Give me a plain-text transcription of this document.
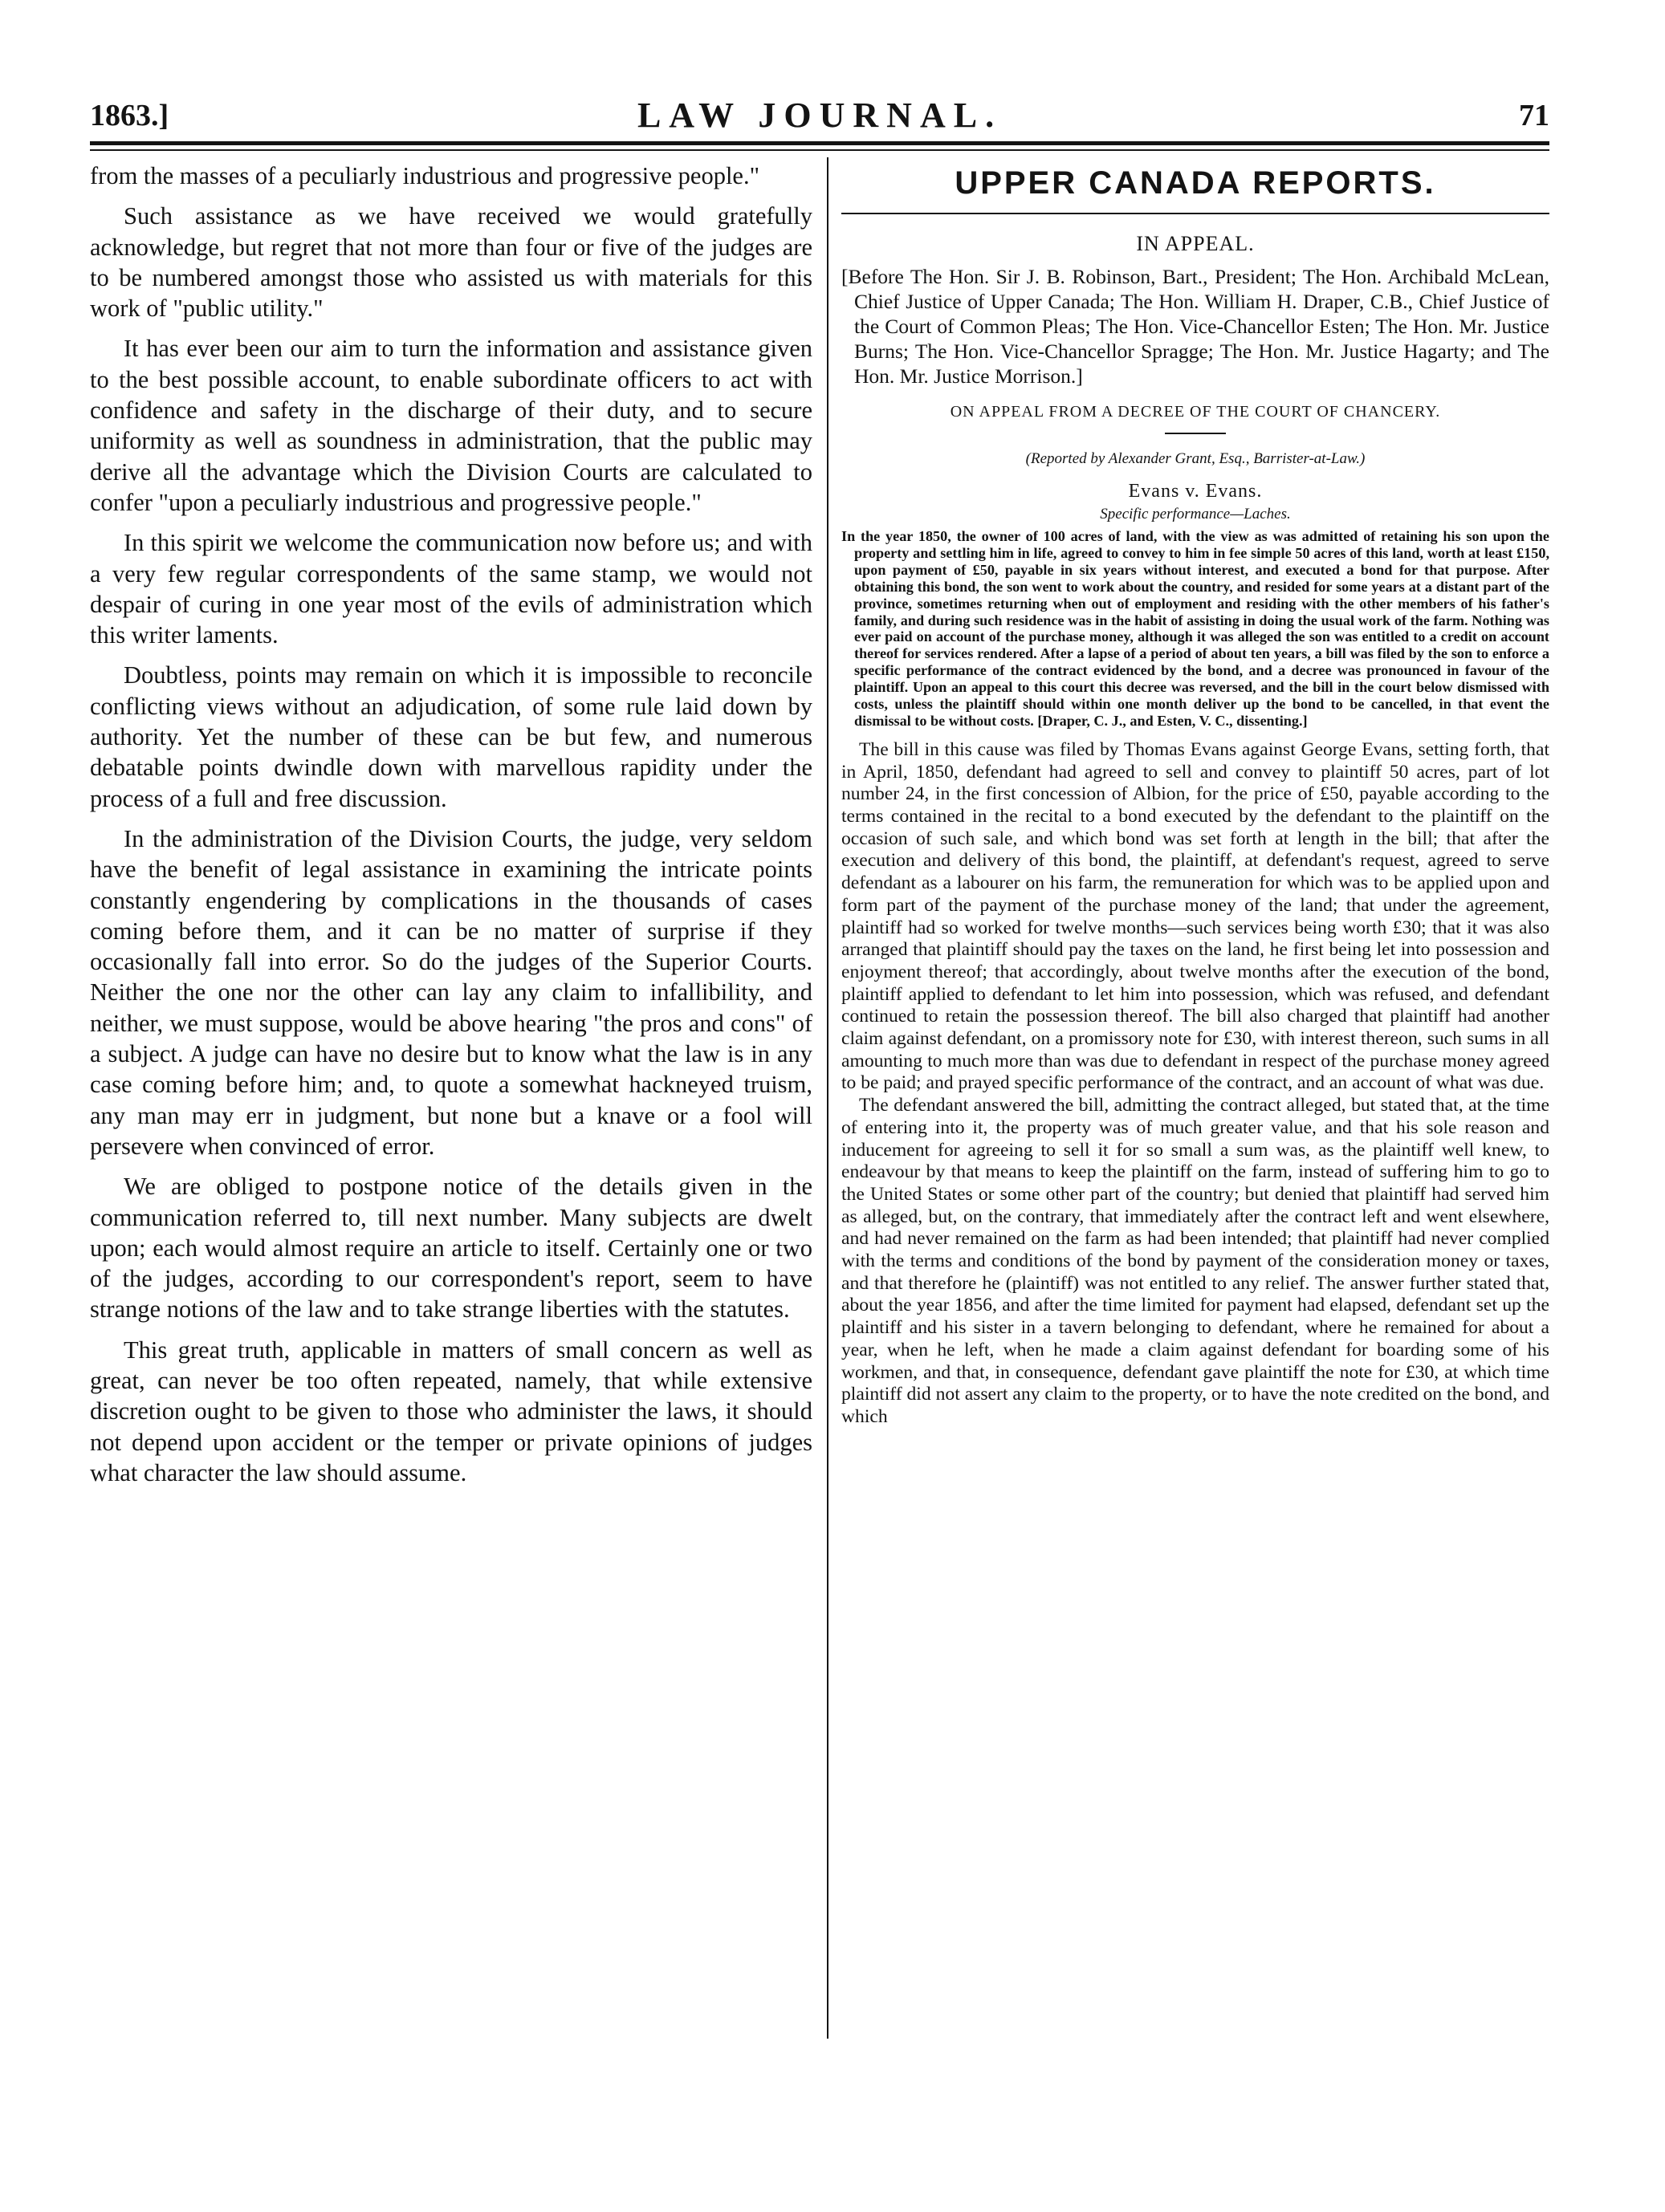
1863.]	LAW JOURNAL.	71

from the masses of a peculiarly industrious and progressive people."

Such assistance as we have received we would gratefully acknowledge, but regret that not more than four or five of the judges are to be numbered amongst those who assisted us with materials for this work of "public utility."

It has ever been our aim to turn the information and assistance given to the best possible account, to enable subordinate officers to act with confidence and safety in the discharge of their duty, and to secure uniformity as well as soundness in administration, that the public may derive all the advantage which the Division Courts are calculated to confer "upon a peculiarly industrious and progressive people."

In this spirit we welcome the communication now before us; and with a very few regular correspondents of the same stamp, we would not despair of curing in one year most of the evils of administration which this writer laments.

Doubtless, points may remain on which it is impossible to reconcile conflicting views without an adjudication, of some rule laid down by authority. Yet the number of these can be but few, and numerous debatable points dwindle down with marvellous rapidity under the process of a full and free discussion.

In the administration of the Division Courts, the judge, very seldom have the benefit of legal assistance in examining the intricate points constantly engendering by complications in the thousands of cases coming before them, and it can be no matter of surprise if they occasionally fall into error. So do the judges of the Superior Courts. Neither the one nor the other can lay any claim to infallibility, and neither, we must suppose, would be above hearing "the pros and cons" of a subject. A judge can have no desire but to know what the law is in any case coming before him; and, to quote a somewhat hackneyed truism, any man may err in judgment, but none but a knave or a fool will persevere when convinced of error.

We are obliged to postpone notice of the details given in the communication referred to, till next number. Many subjects are dwelt upon; each would almost require an article to itself. Certainly one or two of the judges, according to our correspondent's report, seem to have strange notions of the law and to take strange liberties with the statutes.

This great truth, applicable in matters of small concern as well as great, can never be too often repeated, namely, that while extensive discretion ought to be given to those who administer the laws, it should not depend upon accident or the temper or private opinions of judges what character the law should assume.

UPPER CANADA REPORTS.
IN APPEAL.
[Before The Hon. Sir J. B. Robinson, Bart., President; The Hon. Archibald McLean, Chief Justice of Upper Canada; The Hon. William H. Draper, C.B., Chief Justice of the Court of Common Pleas; The Hon. Vice-Chancellor Esten; The Hon. Mr. Justice Burns; The Hon. Vice-Chancellor Spragge; The Hon. Mr. Justice Hagarty; and The Hon. Mr. Justice Morrison.]
ON APPEAL FROM A DECREE OF THE COURT OF CHANCERY.
(Reported by Alexander Grant, Esq., Barrister-at-Law.)
Evans v. Evans.
Specific performance—Laches.
In the year 1850, the owner of 100 acres of land, with the view as was admitted of retaining his son upon the property and settling him in life, agreed to convey to him in fee simple 50 acres of this land, worth at least £150, upon payment of £50, payable in six years without interest, and executed a bond for that purpose. After obtaining this bond, the son went to work about the country, and resided for some years at a distant part of the province, sometimes returning when out of employment and residing with the other members of his father's family, and during such residence was in the habit of assisting in doing the usual work of the farm. Nothing was ever paid on account of the purchase money, although it was alleged the son was entitled to a credit on account thereof for services rendered. After a lapse of a period of about ten years, a bill was filed by the son to enforce a specific performance of the contract evidenced by the bond, and a decree was pronounced in favour of the plaintiff. Upon an appeal to this court this decree was reversed, and the bill in the court below dismissed with costs, unless the plaintiff should within one month deliver up the bond to be cancelled, in that event the dismissal to be without costs. [Draper, C. J., and Esten, V. C., dissenting.]

The bill in this cause was filed by Thomas Evans against George Evans, setting forth, that in April, 1850, defendant had agreed to sell and convey to plaintiff 50 acres, part of lot number 24, in the first concession of Albion, for the price of £50, payable according to the terms contained in the recital to a bond executed by the defendant to the plaintiff on the occasion of such sale, and which bond was set forth at length in the bill; that after the execution and delivery of this bond, the plaintiff, at defendant's request, agreed to serve defendant as a labourer on his farm, the remuneration for which was to be applied upon and form part of the payment of the purchase money of the land; that under the agreement, plaintiff had so worked for twelve months—such services being worth £30; that it was also arranged that plaintiff should pay the taxes on the land, he first being let into possession and enjoyment thereof; that accordingly, about twelve months after the execution of the bond, plaintiff applied to defendant to let him into possession, which was refused, and defendant continued to retain the possession thereof. The bill also charged that plaintiff had another claim against defendant, on a promissory note for £30, with interest thereon, such sums in all amounting to much more than was due to defendant in respect of the purchase money agreed to be paid; and prayed specific performance of the contract, and an account of what was due.

The defendant answered the bill, admitting the contract alleged, but stated that, at the time of entering into it, the property was of much greater value, and that his sole reason and inducement for agreeing to sell it for so small a sum was, as the plaintiff well knew, to endeavour by that means to keep the plaintiff on the farm, instead of suffering him to go to the United States or some other part of the country; but denied that plaintiff had served him as alleged, but, on the contrary, that immediately after the contract left and went elsewhere, and had never remained on the farm as had been intended; that plaintiff had never complied with the terms and conditions of the bond by payment of the consideration money or taxes, and that therefore he (plaintiff) was not entitled to any relief. The answer further stated that, about the year 1856, and after the time limited for payment had elapsed, defendant set up the plaintiff and his sister in a tavern belonging to defendant, where he remained for about a year, when he left, when he made a claim against defendant for boarding some of his workmen, and that, in consequence, defendant gave plaintiff the note for £30, at which time plaintiff did not assert any claim to the property, or to have the note credited on the bond, and which
